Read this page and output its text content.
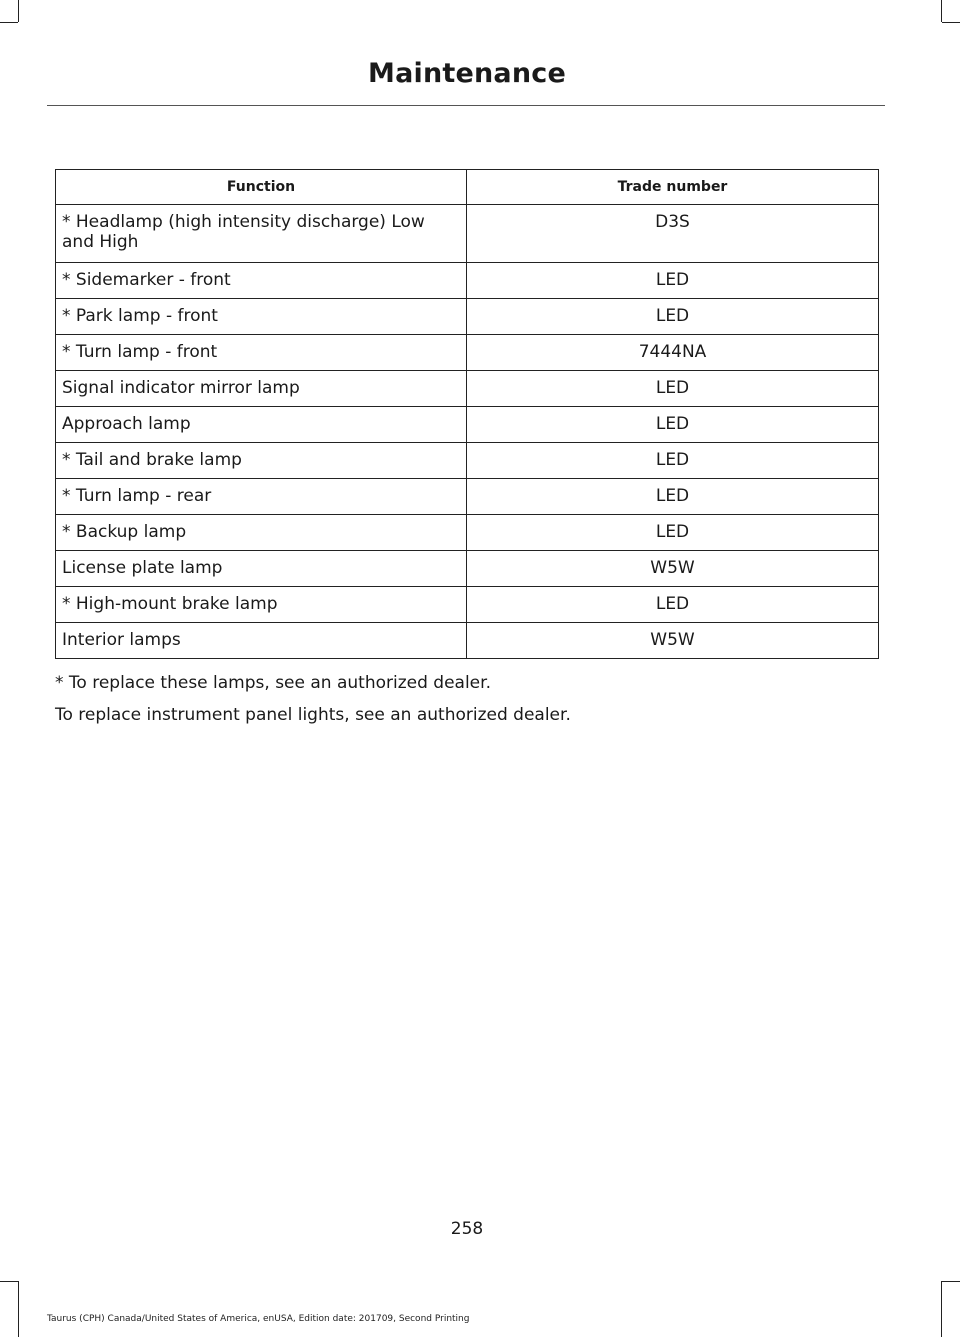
Maintenance
Function	Trade number
* Headlamp (high intensity discharge) Low and High	D3S
* Sidemarker - front	LED
* Park lamp - front	LED
* Turn lamp - front	7444NA
Signal indicator mirror lamp	LED
Approach lamp	LED
* Tail and brake lamp	LED
* Turn lamp - rear	LED
* Backup lamp	LED
License plate lamp	W5W
* High-mount brake lamp	LED
Interior lamps	W5W
* To replace these lamps, see an authorized dealer.
To replace instrument panel lights, see an authorized dealer.
258
Taurus (CPH) Canada/United States of America, enUSA, Edition date: 201709, Second Printing
